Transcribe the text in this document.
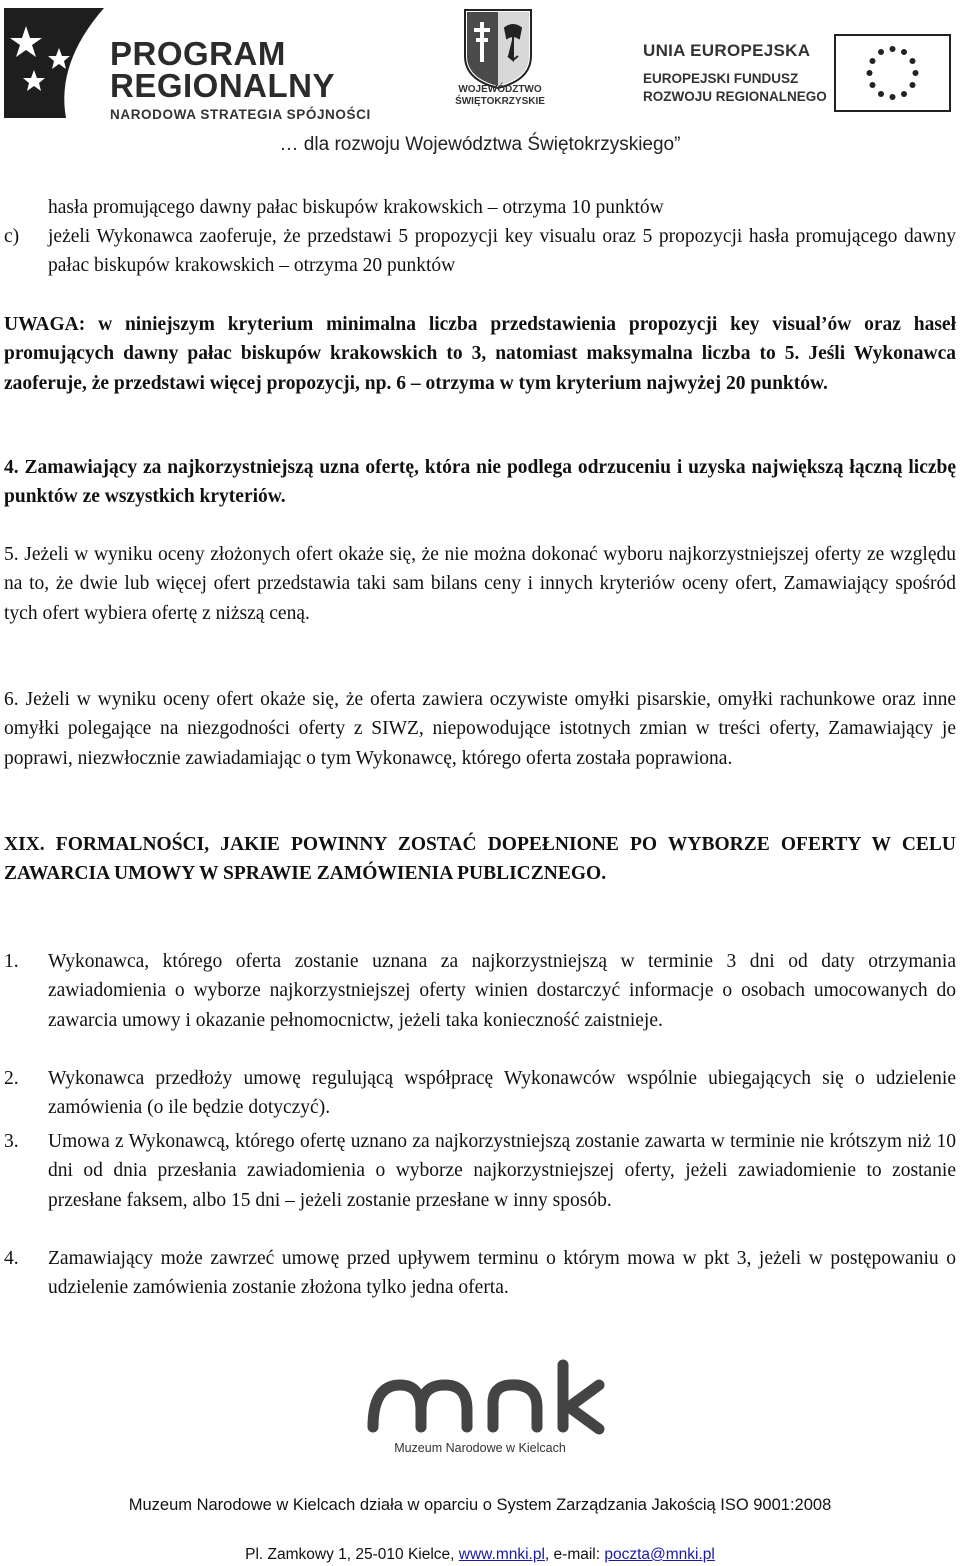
PROGRAM
REGIONALNY
NARODOWA STRATEGIA SPÓJNOŚCI
WOJEWÓDZTWO
ŚWIĘTOKRZYSKIE
UNIA EUROPEJSKA
EUROPEJSKI FUNDUSZ
ROZWOJU REGIONALNEGO
… dla rozwoju Województwa Świętokrzyskiego”
hasła promującego dawny pałac biskupów krakowskich – otrzyma 10 punktów
c) jeżeli Wykonawca zaoferuje, że przedstawi 5 propozycji key visualu oraz 5 propozycji hasła promującego dawny pałac biskupów krakowskich – otrzyma 20 punktów
UWAGA: w niniejszym kryterium minimalna liczba przedstawienia propozycji key visual’ów oraz haseł promujących dawny pałac biskupów krakowskich to 3, natomiast maksymalna liczba to 5. Jeśli Wykonawca zaoferuje, że przedstawi więcej propozycji, np. 6 – otrzyma w tym kryterium najwyżej 20 punktów.
4. Zamawiający za najkorzystniejszą uzna ofertę, która nie podlega odrzuceniu i uzyska największą łączną liczbę punktów ze wszystkich kryteriów.
5. Jeżeli w wyniku oceny złożonych ofert okaże się, że nie można dokonać wyboru najkorzystniejszej oferty ze względu na to, że dwie lub więcej ofert przedstawia taki sam bilans ceny i innych kryteriów oceny ofert, Zamawiający spośród tych ofert wybiera ofertę z niższą ceną.
6. Jeżeli w wyniku oceny ofert okaże się, że oferta zawiera oczywiste omyłki pisarskie, omyłki rachunkowe oraz inne omyłki polegające na niezgodności oferty z SIWZ, niepowodujące istotnych zmian w treści oferty, Zamawiający je poprawi, niezwłocznie zawiadamiając o tym Wykonawcę, którego oferta została poprawiona.
XIX. FORMALNOŚCI, JAKIE POWINNY ZOSTAĆ DOPEŁNIONE PO WYBORZE OFERTY W CELU ZAWARCIA UMOWY W SPRAWIE ZAMÓWIENIA PUBLICZNEGO.
1. Wykonawca, którego oferta zostanie uznana za najkorzystniejszą w terminie 3 dni od daty otrzymania zawiadomienia o wyborze najkorzystniejszej oferty winien dostarczyć informacje o osobach umocowanych do zawarcia umowy i okazanie pełnomocnictw, jeżeli taka konieczność zaistnieje.
2. Wykonawca przedłoży umowę regulującą współpracę Wykonawców wspólnie ubiegających się o udzielenie zamówienia (o ile będzie dotyczyć).
3. Umowa z Wykonawcą, którego ofertę uznano za najkorzystniejszą zostanie zawarta w terminie nie krótszym niż 10 dni od dnia przesłania zawiadomienia o wyborze najkorzystniejszej oferty, jeżeli zawiadomienie to zostanie przesłane faksem, albo 15 dni – jeżeli zostanie przesłane w inny sposób.
4. Zamawiający może zawrzeć umowę przed upływem terminu o którym mowa w pkt 3, jeżeli w postępowaniu o udzielenie zamówienia zostanie złożona tylko jedna oferta.
Muzeum Narodowe w Kielcach
Muzeum Narodowe w Kielcach działa w oparciu o System Zarządzania Jakością ISO 9001:2008
Pl. Zamkowy 1, 25-010 Kielce, www.mnki.pl, e-mail: poczta@mnki.pl
